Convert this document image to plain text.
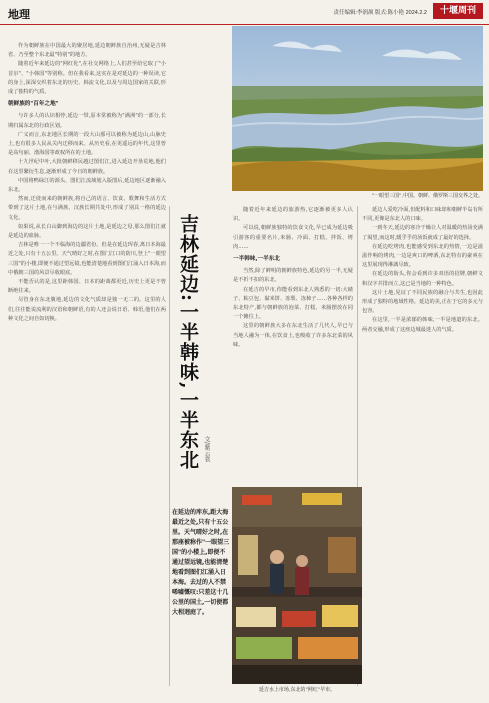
地理	责任编辑:李润颉 版式:陈小艳 2024.2.2	十堰周刊

作为朝鲜族在中国最大的聚居地,延边朝鲜族自治州,无疑是吉林省、乃至整个东北最"特别"的地方。

随着近年来延边的"网红化",在社交网络上,人们甚至给它取了"小首尔"、"小韩国"等别称。但在我看来,这实在是对延边的一种误读,它的身上,深深交织着东北的历史、韩流文化,以及与周边国家的关联,形成了独特的气质。

朝鲜族的"百年之地"

与许多人的认识相悖,延边一带,原本常被称为"满洲"的一部分,长期归属东北的行政区划。

广义而言,东北地区长期的一段大山那可以被称为延边山,山脉史上,也有很多人民从关内迁移而来。从历史看,在更遥远的年代,这里曾是高句丽、渤海国等政权所在的土地。

十九世纪中叶,大批朝鲜移民越过图们江,进入延边开垦荒地,他们在这里繁衍生息,逐渐形成了今日的朝鲜族。

中国将鸭绿江的源头、图们江流域划入版图后,延边地区逐渐融入东北。

然而,迁徙而来的朝鲜族,将自己的语言、饮食、歌舞和生活方式带到了这片土地,在与满族、汉族长期共处中,形成了别具一格的延边文化。

如果说,从长白山脚到海边的这片土地,是延边之母,那么图们江就是延边的血脉。

吉林是唯一一个不临海的边疆省份。但是在延边珲春,离日本海最近之处,只有十五公里。天气晴好之时,在图门江口的防川,登上"一眼望三国"的小楼,即便不通过望远镜,也能清楚地看到图们江涌入日本海,而中俄朝三国的风景尽收眼底。

不能否认的是,这里距韩国、日本的距离都更近,历史上更是不曾断绝往来。

尽管身在东北腹地,延边的文化气质却是独一无二的。这里的人们,往往能说流利的汉语和朝鲜语,有的人还会说日语、韩语,他们在两种文化之间自如切换。	吉林延边:一半韩味,一半东北 文/紫云裳
在延边的库东,距大海最近之处,只有十五公里。天气晴好之时,在那座被称作"一眼望三国"的小楼上,即便不通过望远镜,也能清楚地看到图们江涌入日本海。去过的人不禁唏嘘慨叹:只差这十几公里的国土,一切便都大相迥庭了。
"一眼望三国",中国、朝鲜、俄罗斯三国交界之处。

随着近年来延边的旅游热,它逐渐被更多人认识。

可以说,朝鲜族独特的饮食文化,早已成为延边吸引游客的重要名片,米肠、冷面、打糕、拌饭、烤肉……

一半韩味,一半东北

当然,除了鲜明的朝鲜族特色,延边的另一半,无疑是不折不扣的东北。

在延吉的早市,你能看到东北人熟悉的一切:大碴子、粘豆包、黏米饼、冻梨、冻柿子……各种各样的东北特产,都与朝鲜族的泡菜、打糕、米肠摆放在同一个摊位上。

这里的朝鲜族大多在东北生活了几代人,早已与当地人融为一体,在饮食上,也吸收了许多东北菜的风味。

延边人爱吃冷面,但配料和口味却和朝鲜半岛有所不同,更像是东北人的口味。

一到冬天,延边的寒冷干燥让人对温暖的热汤充满了渴望,而这时,暖乎乎的汤饭就成了最好的选择。

在延边吃烤肉,也能感受到东北的热情,一边是滋滋作响的烤肉,一边是爽口的啤酒,东北特有的豪爽在这里展现得淋漓尽致。

在延边的街头,你会看到许多双语的招牌,朝鲜文和汉字并排而立,这已是当地的一种特色。

这片土地,见证了不同民族的融合与共生,也因此形成了独特的地域性格。延边的美,正在于它的多元与包容。

在这里,一半是浓郁的韩味,一半是地道的东北。两者交融,形成了这座边城最迷人的气质。

延吉水上市场,东北的"网红"早市。
